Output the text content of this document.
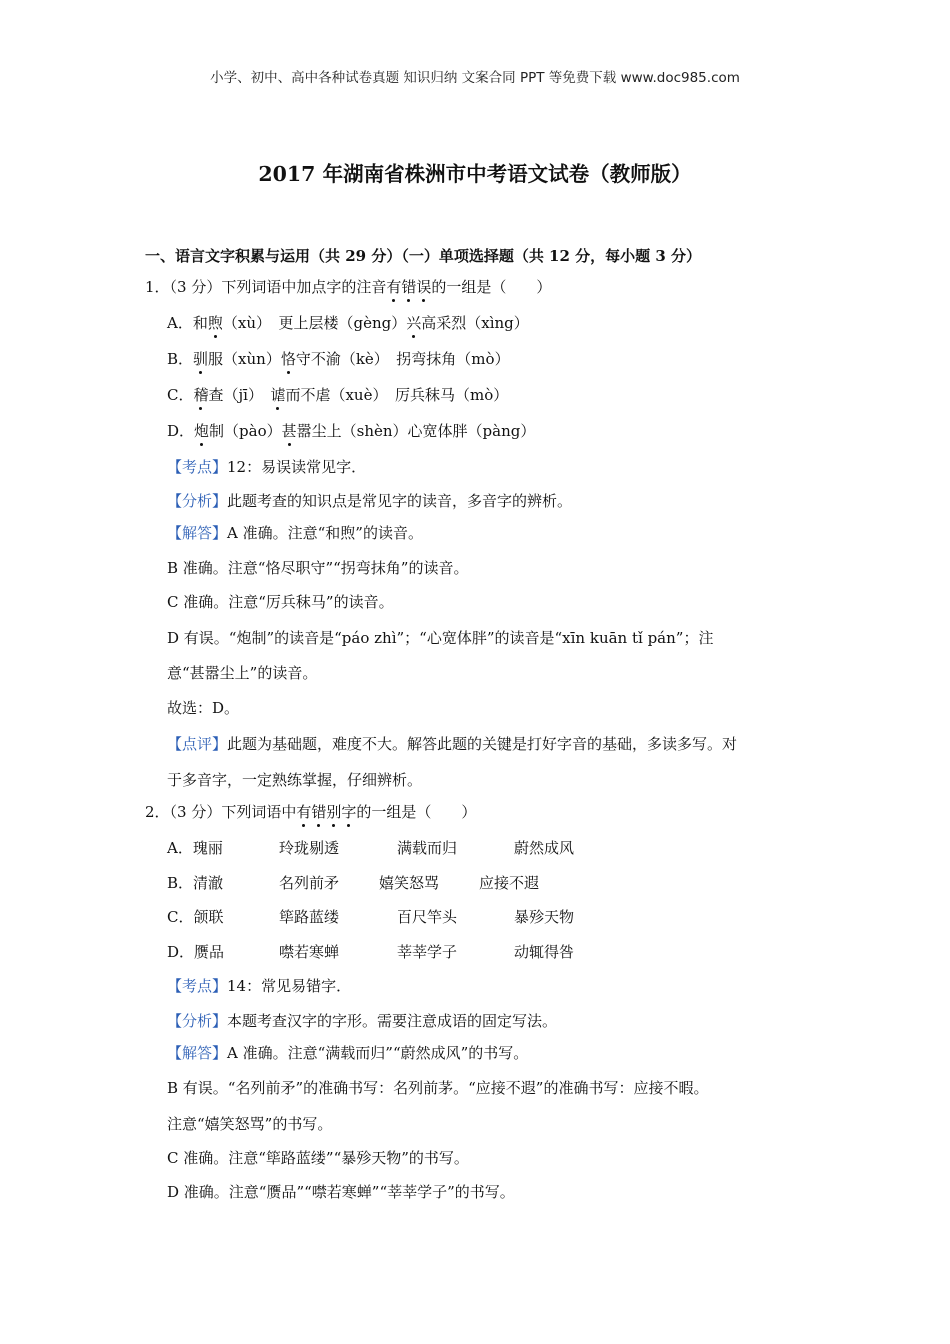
小学、初中、高中各种试卷真题 知识归纳 文案合同 PPT 等免费下载 www.doc985.com
2017 年湖南省株洲市中考语文试卷（教师版）
一、语言文字积累与运用（共 29 分）（一）单项选择题（共 12 分，每小题 3 分）
1．（3 分）下列词语中加点字的注音有错误的一组是（　　）
A．和煦（xù）　更上层楼（gèng）兴高采烈（xìng）
B．驯服（xùn）恪守不渝（kè）　拐弯抹角（mò）
C．稽查（jī）　谑而不虐（xuè）　厉兵秣马（mò）
D．炮制（pào）甚嚣尘上（shèn）心宽体胖（pàng）
【考点】12：易误读常见字．
【分析】此题考查的知识点是常见字的读音，多音字的辨析。
【解答】A 准确。注意“和煦”的读音。
B 准确。注意“恪尽职守”“拐弯抹角”的读音。
C 准确。注意“厉兵秣马”的读音。
D 有误。“炮制”的读音是“páo zhì”；“心宽体胖”的读音是“xīn kuān tǐ pán”；注
意“甚嚣尘上”的读音。
故选：D。
【点评】此题为基础题，难度不大。解答此题的关键是打好字音的基础，多读多写。对
于多音字，一定熟练掌握，仔细辨析。
2．（3 分）下列词语中有错别字的一组是（　　）
A．瑰丽	玲珑剔透	满载而归	蔚然成风
B．清澈	名列前矛	嬉笑怒骂	应接不遐
C．颌联	筚路蓝缕	百尺竿头	暴殄天物
D．赝品	噤若寒蝉	莘莘学子	动辄得咎
【考点】14：常见易错字．
【分析】本题考查汉字的字形。需要注意成语的固定写法。
【解答】A 准确。注意“满载而归”“蔚然成风”的书写。
B 有误。“名列前矛”的准确书写：名列前茅。“应接不遐”的准确书写：应接不暇。
注意“嬉笑怒骂”的书写。
C 准确。注意“筚路蓝缕”“暴殄天物”的书写。
D 准确。注意“赝品”“噤若寒蝉”“莘莘学子”的书写。
